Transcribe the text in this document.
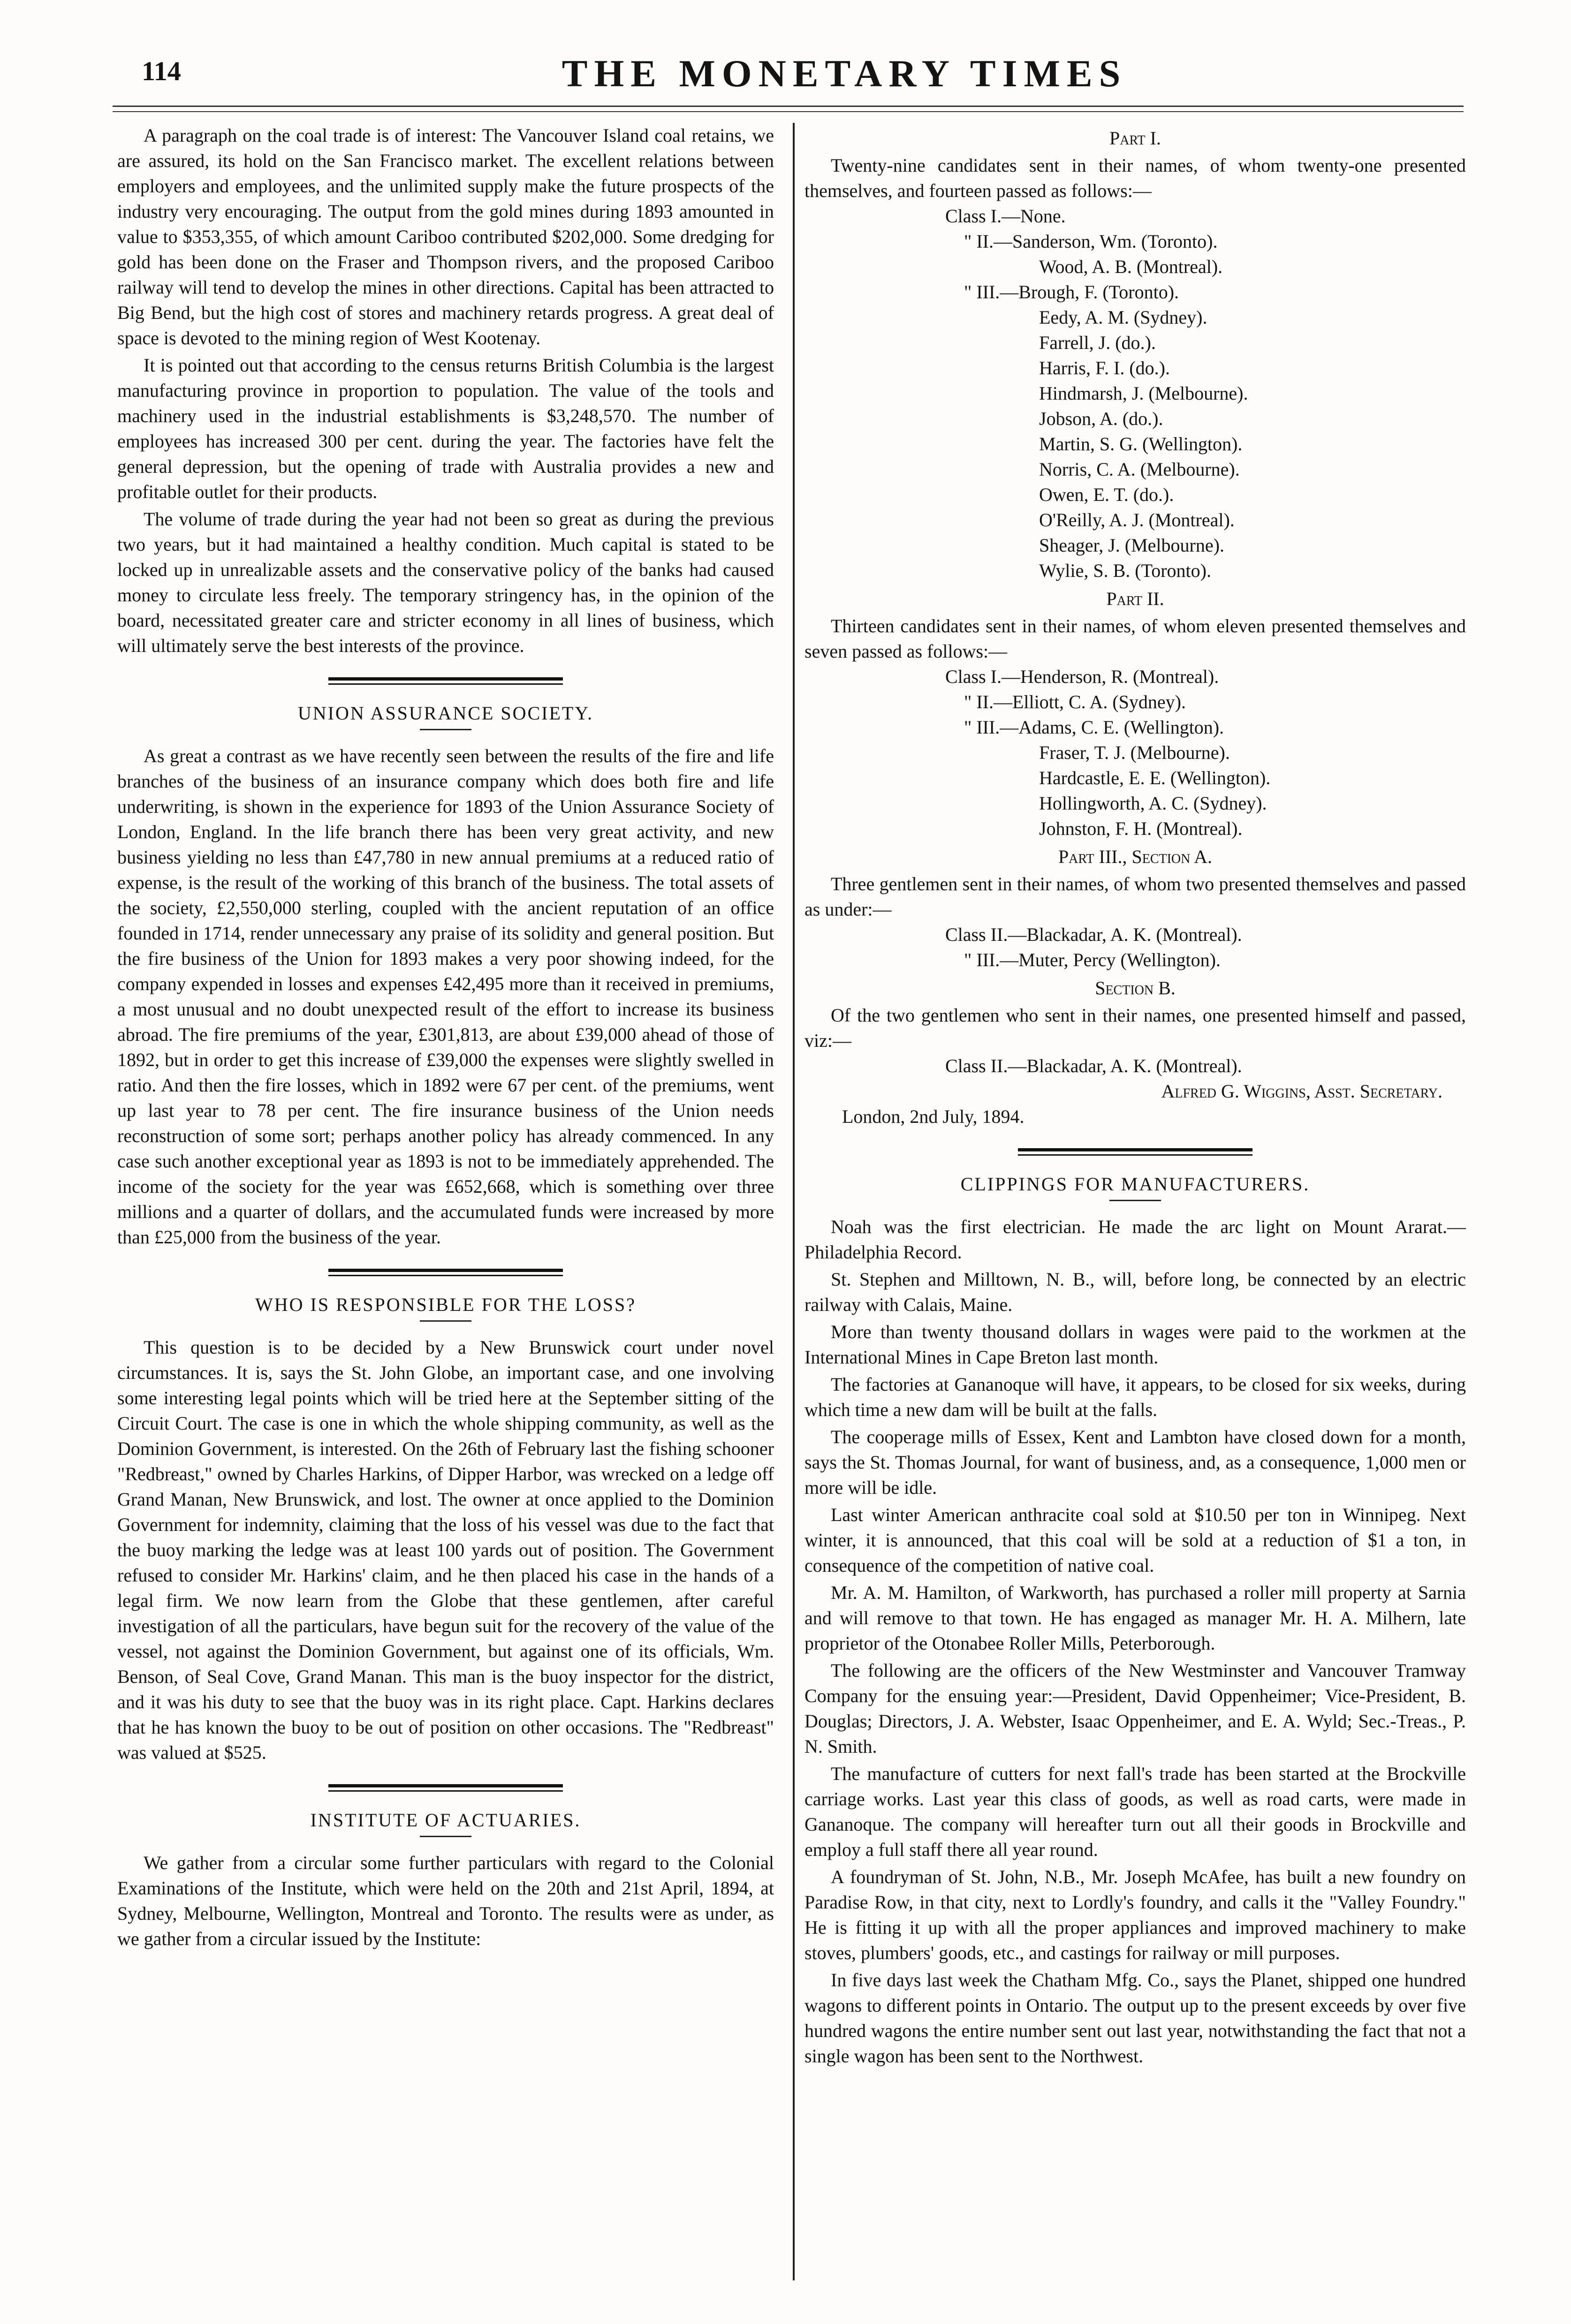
114	THE MONETARY TIMES

A paragraph on the coal trade is of interest: The Vancouver Island coal retains, we are assured, its hold on the San Francisco market. The excellent relations between employers and employees, and the unlimited supply make the future prospects of the industry very encouraging. The output from the gold mines during 1893 amounted in value to $353,355, of which amount Cariboo contributed $202,000. Some dredging for gold has been done on the Fraser and Thompson rivers, and the proposed Cariboo railway will tend to develop the mines in other directions. Capital has been attracted to Big Bend, but the high cost of stores and machinery retards progress. A great deal of space is devoted to the mining region of West Kootenay.

It is pointed out that according to the census returns British Columbia is the largest manufacturing province in proportion to population. The value of the tools and machinery used in the industrial establishments is $3,248,570. The number of employees has increased 300 per cent. during the year. The factories have felt the general depression, but the opening of trade with Australia provides a new and profitable outlet for their products.

The volume of trade during the year had not been so great as during the previous two years, but it had maintained a healthy condition. Much capital is stated to be locked up in unrealizable assets and the conservative policy of the banks had caused money to circulate less freely. The temporary stringency has, in the opinion of the board, necessitated greater care and stricter economy in all lines of business, which will ultimately serve the best interests of the province.

UNION ASSURANCE SOCIETY.

As great a contrast as we have recently seen between the results of the fire and life branches of the business of an insurance company which does both fire and life underwriting, is shown in the experience for 1893 of the Union Assurance Society of London, England. In the life branch there has been very great activity, and new business yielding no less than £47,780 in new annual premiums at a reduced ratio of expense, is the result of the working of this branch of the business. The total assets of the society, £2,550,000 sterling, coupled with the ancient reputation of an office founded in 1714, render unnecessary any praise of its solidity and general position. But the fire business of the Union for 1893 makes a very poor showing indeed, for the company expended in losses and expenses £42,495 more than it received in premiums, a most unusual and no doubt unexpected result of the effort to increase its business abroad. The fire premiums of the year, £301,813, are about £39,000 ahead of those of 1892, but in order to get this increase of £39,000 the expenses were slightly swelled in ratio. And then the fire losses, which in 1892 were 67 per cent. of the premiums, went up last year to 78 per cent. The fire insurance business of the Union needs reconstruction of some sort; perhaps another policy has already commenced. In any case such another exceptional year as 1893 is not to be immediately apprehended. The income of the society for the year was £652,668, which is something over three millions and a quarter of dollars, and the accumulated funds were increased by more than £25,000 from the business of the year.

WHO IS RESPONSIBLE FOR THE LOSS?

This question is to be decided by a New Brunswick court under novel circumstances. It is, says the St. John Globe, an important case, and one involving some interesting legal points which will be tried here at the September sitting of the Circuit Court. The case is one in which the whole shipping community, as well as the Dominion Government, is interested. On the 26th of February last the fishing schooner "Redbreast," owned by Charles Harkins, of Dipper Harbor, was wrecked on a ledge off Grand Manan, New Brunswick, and lost. The owner at once applied to the Dominion Government for indemnity, claiming that the loss of his vessel was due to the fact that the buoy marking the ledge was at least 100 yards out of position. The Government refused to consider Mr. Harkins' claim, and he then placed his case in the hands of a legal firm. We now learn from the Globe that these gentlemen, after careful investigation of all the particulars, have begun suit for the recovery of the value of the vessel, not against the Dominion Government, but against one of its officials, Wm. Benson, of Seal Cove, Grand Manan. This man is the buoy inspector for the district, and it was his duty to see that the buoy was in its right place. Capt. Harkins declares that he has known the buoy to be out of position on other occasions. The "Redbreast" was valued at $525.

INSTITUTE OF ACTUARIES.

We gather from a circular some further particulars with regard to the Colonial Examinations of the Institute, which were held on the 20th and 21st April, 1894, at Sydney, Melbourne, Wellington, Montreal and Toronto. The results were as under, as we gather from a circular issued by the Institute:

Part I.

Twenty-nine candidates sent in their names, of whom twenty-one presented themselves, and fourteen passed as follows:—

Class I.—None.
" II.—Sanderson, Wm. (Toronto).
Wood, A. B. (Montreal).
" III.—Brough, F. (Toronto).
Eedy, A. M. (Sydney).
Farrell, J. (do.).
Harris, F. I. (do.).
Hindmarsh, J. (Melbourne).
Jobson, A. (do.).
Martin, S. G. (Wellington).
Norris, C. A. (Melbourne).
Owen, E. T. (do.).
O'Reilly, A. J. (Montreal).
Sheager, J. (Melbourne).
Wylie, S. B. (Toronto).
Part II.

Thirteen candidates sent in their names, of whom eleven presented themselves and seven passed as follows:—

Class I.—Henderson, R. (Montreal).
" II.—Elliott, C. A. (Sydney).
" III.—Adams, C. E. (Wellington).
Fraser, T. J. (Melbourne).
Hardcastle, E. E. (Wellington).
Hollingworth, A. C. (Sydney).
Johnston, F. H. (Montreal).
Part III., Section A.

Three gentlemen sent in their names, of whom two presented themselves and passed as under:—

Class II.—Blackadar, A. K. (Montreal).
" III.—Muter, Percy (Wellington).
Section B.

Of the two gentlemen who sent in their names, one presented himself and passed, viz:—

Class II.—Blackadar, A. K. (Montreal).
Alfred G. Wiggins, Asst. Secretary.
London, 2nd July, 1894.
CLIPPINGS FOR MANUFACTURERS.

Noah was the first electrician. He made the arc light on Mount Ararat.—Philadelphia Record.

St. Stephen and Milltown, N. B., will, before long, be connected by an electric railway with Calais, Maine.

More than twenty thousand dollars in wages were paid to the workmen at the International Mines in Cape Breton last month.

The factories at Gananoque will have, it appears, to be closed for six weeks, during which time a new dam will be built at the falls.

The cooperage mills of Essex, Kent and Lambton have closed down for a month, says the St. Thomas Journal, for want of business, and, as a consequence, 1,000 men or more will be idle.

Last winter American anthracite coal sold at $10.50 per ton in Winnipeg. Next winter, it is announced, that this coal will be sold at a reduction of $1 a ton, in consequence of the competition of native coal.

Mr. A. M. Hamilton, of Warkworth, has purchased a roller mill property at Sarnia and will remove to that town. He has engaged as manager Mr. H. A. Milhern, late proprietor of the Otonabee Roller Mills, Peterborough.

The following are the officers of the New Westminster and Vancouver Tramway Company for the ensuing year:—President, David Oppenheimer; Vice-President, B. Douglas; Directors, J. A. Webster, Isaac Oppenheimer, and E. A. Wyld; Sec.-Treas., P. N. Smith.

The manufacture of cutters for next fall's trade has been started at the Brockville carriage works. Last year this class of goods, as well as road carts, were made in Gananoque. The company will hereafter turn out all their goods in Brockville and employ a full staff there all year round.

A foundryman of St. John, N.B., Mr. Joseph McAfee, has built a new foundry on Paradise Row, in that city, next to Lordly's foundry, and calls it the "Valley Foundry." He is fitting it up with all the proper appliances and improved machinery to make stoves, plumbers' goods, etc., and castings for railway or mill purposes.

In five days last week the Chatham Mfg. Co., says the Planet, shipped one hundred wagons to different points in Ontario. The output up to the present exceeds by over five hundred wagons the entire number sent out last year, notwithstanding the fact that not a single wagon has been sent to the Northwest.
